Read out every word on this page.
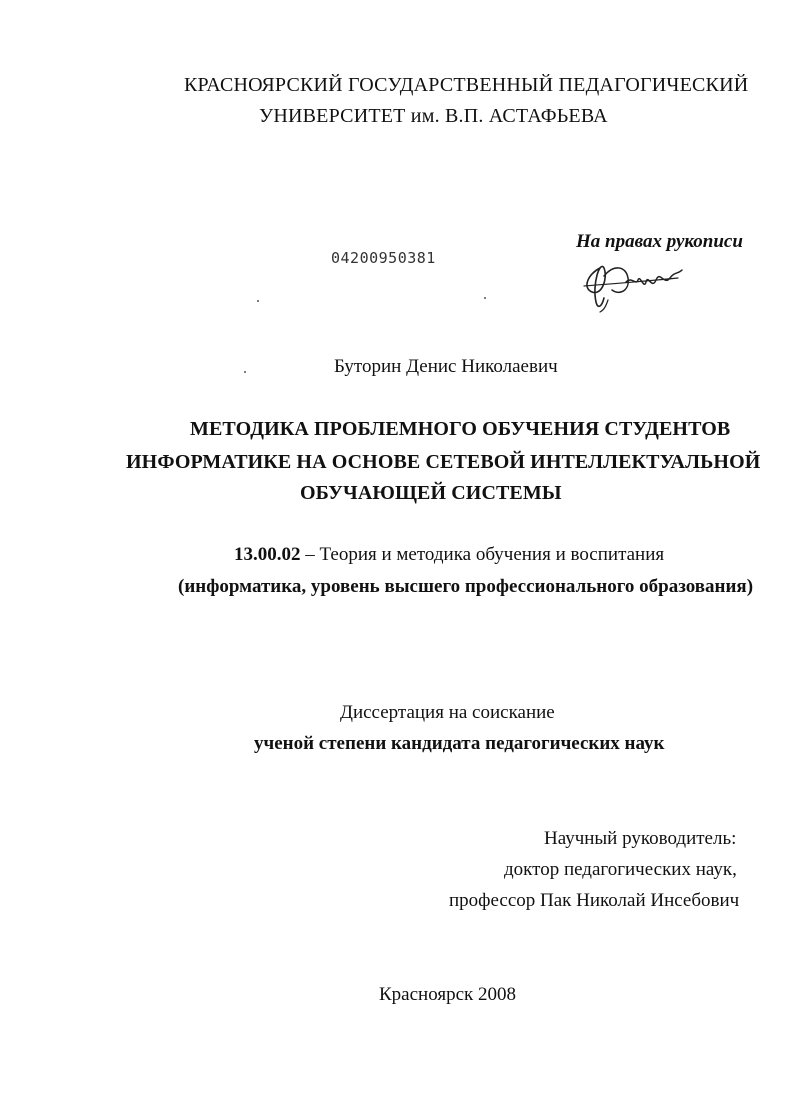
КРАСНОЯРСКИЙ ГОСУДАРСТВЕННЫЙ ПЕДАГОГИЧЕСКИЙ
УНИВЕРСИТЕТ им. В.П. АСТАФЬЕВА
На правах рукописи
04200950381
Буторин Денис Николаевич
МЕТОДИКА ПРОБЛЕМНОГО ОБУЧЕНИЯ СТУДЕНТОВ
ИНФОРМАТИКЕ НА ОСНОВЕ СЕТЕВОЙ ИНТЕЛЛЕКТУАЛЬНОЙ
ОБУЧАЮЩЕЙ СИСТЕМЫ
13.00.02 – Теория и методика обучения и воспитания
(информатика, уровень высшего профессионального образования)
Диссертация на соискание
ученой степени кандидата педагогических наук
Научный руководитель:
доктор педагогических наук,
профессор Пак Николай Инсебович
Красноярск 2008
